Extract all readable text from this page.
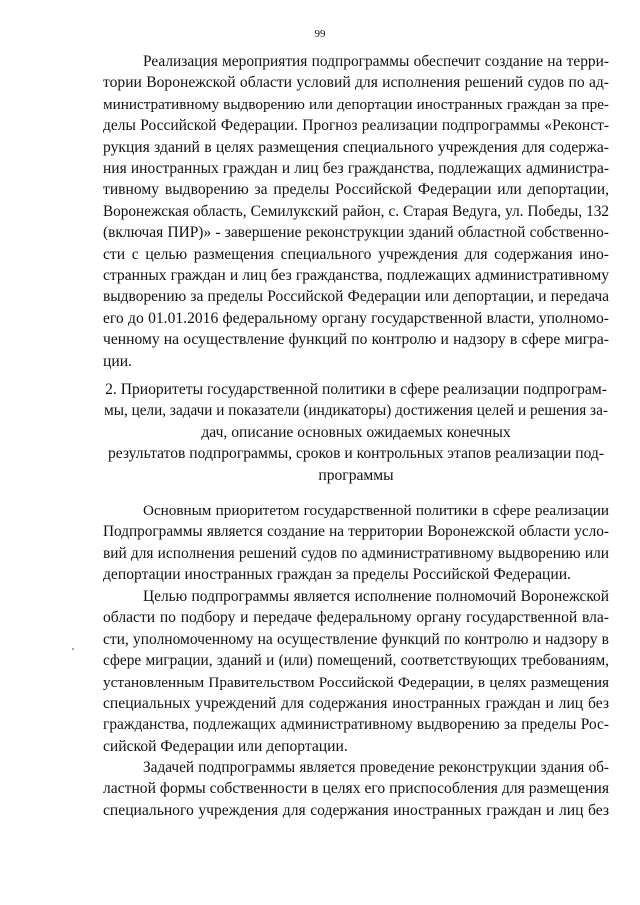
99

Реализация мероприятия подпрограммы обеспечит создание на терри-
тории Воронежской области условий для исполнения решений судов по ад-
министративному выдворению или депортации иностранных граждан за пре-
делы Российской Федерации. Прогноз реализации подпрограммы «Реконст-
рукция зданий в целях размещения специального учреждения для содержа-
ния иностранных граждан и лиц без гражданства, подлежащих администра-
тивному выдворению за пределы Российской Федерации или депортации,
Воронежская область, Семилукский район, с. Старая Ведуга, ул. Победы, 132
(включая ПИР)» - завершение реконструкции зданий областной собственно-
сти с целью размещения специального учреждения для содержания ино-
странных граждан и лиц без гражданства, подлежащих административному
выдворению за пределы Российской Федерации или депортации, и передача
его до 01.01.2016 федеральному органу государственной власти, уполномо-
ченному на осуществление функций по контролю и надзору в сфере мигра-
ции.

2. Приоритеты государственной политики в сфере реализации подпрограм-
мы, цели, задачи и показатели (индикаторы) достижения целей и решения за-
дач, описание основных ожидаемых конечных
результатов подпрограммы, сроков и контрольных этапов реализации под-
программы

Основным приоритетом государственной политики в сфере реализации
Подпрограммы является создание на территории Воронежской области усло-
вий для исполнения решений судов по административному выдворению или
депортации иностранных граждан за пределы Российской Федерации.

Целью подпрограммы является исполнение полномочий Воронежской
области по подбору и передаче федеральному органу государственной вла-
сти, уполномоченному на осуществление функций по контролю и надзору в
сфере миграции, зданий и (или) помещений, соответствующих требованиям,
установленным Правительством Российской Федерации, в целях размещения
специальных учреждений для содержания иностранных граждан и лиц без
гражданства, подлежащих административному выдворению за пределы Рос-
сийской Федерации или депортации.

Задачей подпрограммы является проведение реконструкции здания об-
ластной формы собственности в целях его приспособления для размещения
специального учреждения для содержания иностранных граждан и лиц без
